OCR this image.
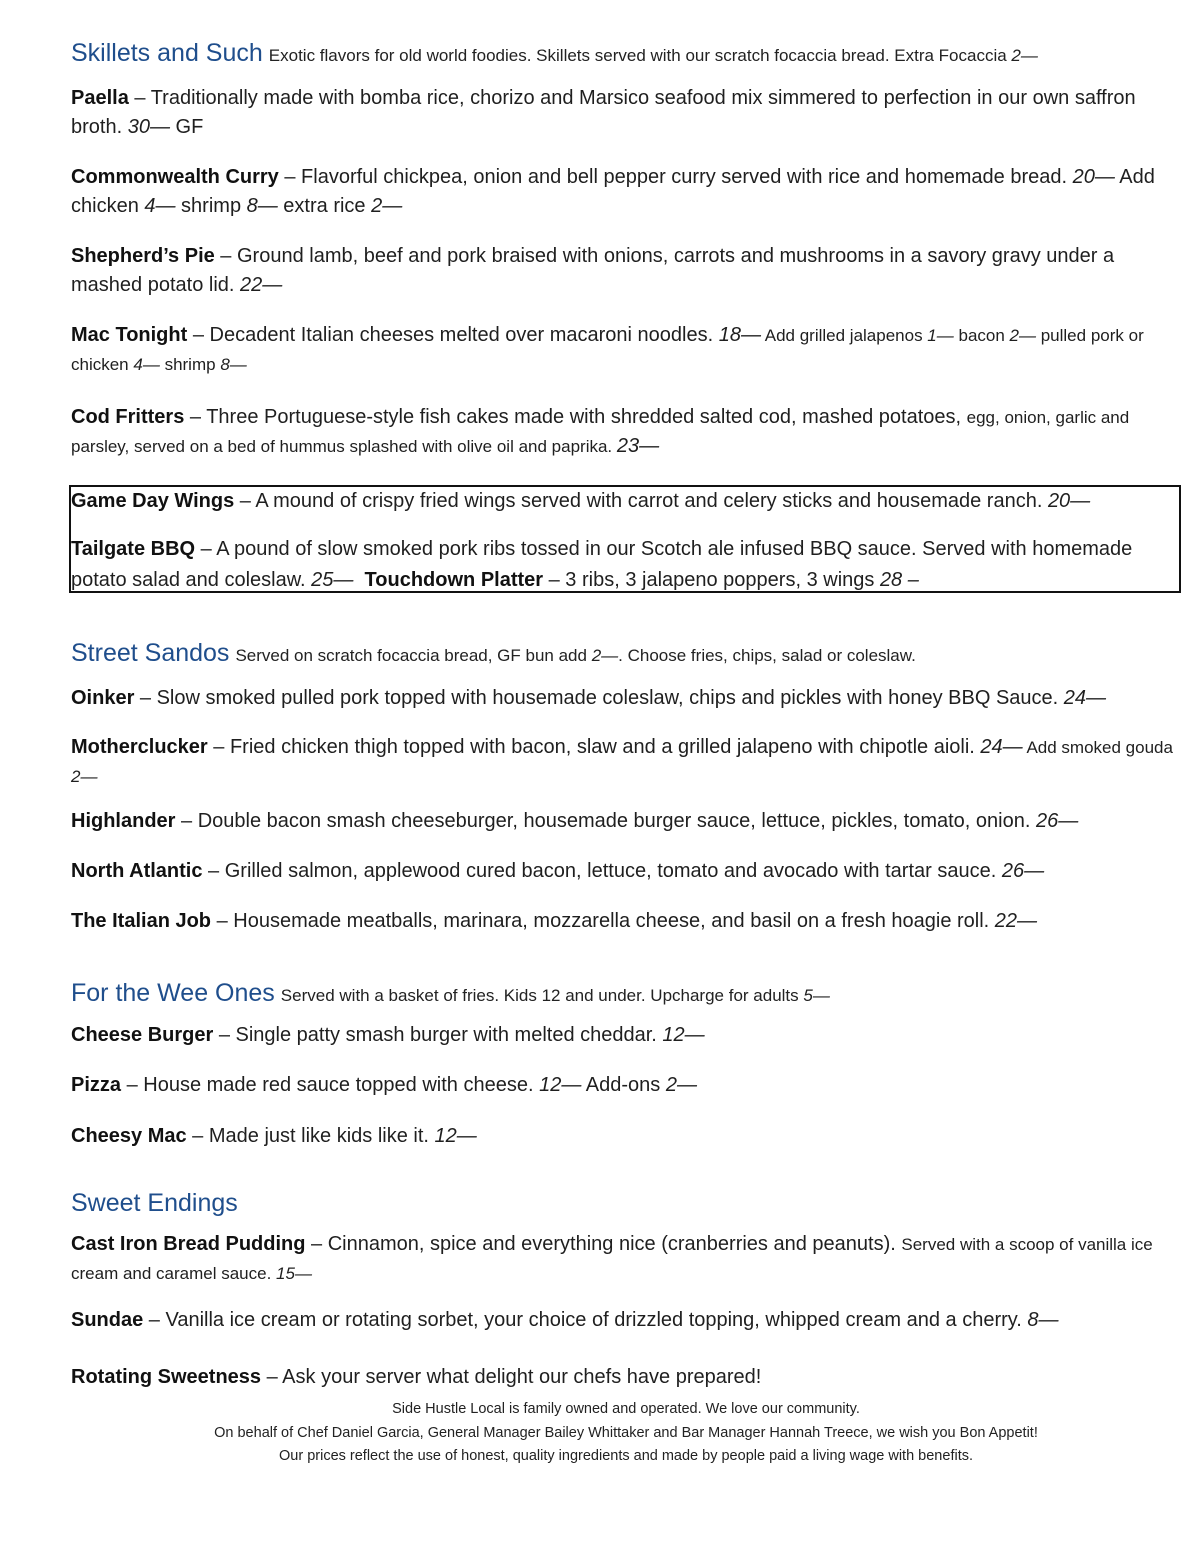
Skillets and Such Exotic flavors for old world foodies. Skillets served with our scratch focaccia bread. Extra Focaccia 2—

Paella – Traditionally made with bomba rice, chorizo and Marsico seafood mix simmered to perfection in our own saffron broth. 30— GF

Commonwealth Curry – Flavorful chickpea, onion and bell pepper curry served with rice and homemade bread. 20— Add chicken 4— shrimp 8— extra rice 2—

Shepherd’s Pie – Ground lamb, beef and pork braised with onions, carrots and mushrooms in a savory gravy under a mashed potato lid. 22—

Mac Tonight – Decadent Italian cheeses melted over macaroni noodles. 18— Add grilled jalapenos 1— bacon 2— pulled pork or chicken 4— shrimp 8—

Cod Fritters – Three Portuguese-style fish cakes made with shredded salted cod, mashed potatoes, egg, onion, garlic and parsley, served on a bed of hummus splashed with olive oil and paprika. 23—

Game Day Wings – A mound of crispy fried wings served with carrot and celery sticks and housemade ranch. 20—

Tailgate BBQ – A pound of slow smoked pork ribs tossed in our Scotch ale infused BBQ sauce. Served with homemade potato salad and coleslaw. 25— Touchdown Platter – 3 ribs, 3 jalapeno poppers, 3 wings 28 –

Street Sandos Served on scratch focaccia bread, GF bun add 2—. Choose fries, chips, salad or coleslaw.

Oinker – Slow smoked pulled pork topped with housemade coleslaw, chips and pickles with honey BBQ Sauce. 24—

Motherclucker – Fried chicken thigh topped with bacon, slaw and a grilled jalapeno with chipotle aioli. 24— Add smoked gouda 2—

Highlander – Double bacon smash cheeseburger, housemade burger sauce, lettuce, pickles, tomato, onion. 26—

North Atlantic – Grilled salmon, applewood cured bacon, lettuce, tomato and avocado with tartar sauce. 26—

The Italian Job – Housemade meatballs, marinara, mozzarella cheese, and basil on a fresh hoagie roll. 22—

For the Wee Ones Served with a basket of fries. Kids 12 and under. Upcharge for adults 5—

Cheese Burger – Single patty smash burger with melted cheddar. 12—

Pizza – House made red sauce topped with cheese. 12— Add-ons 2—

Cheesy Mac – Made just like kids like it. 12—

Sweet Endings

Cast Iron Bread Pudding – Cinnamon, spice and everything nice (cranberries and peanuts). Served with a scoop of vanilla ice cream and caramel sauce. 15—

Sundae – Vanilla ice cream or rotating sorbet, your choice of drizzled topping, whipped cream and a cherry. 8—

Rotating Sweetness – Ask your server what delight our chefs have prepared!

Side Hustle Local is family owned and operated. We love our community.
On behalf of Chef Daniel Garcia, General Manager Bailey Whittaker and Bar Manager Hannah Treece, we wish you Bon Appetit!
Our prices reflect the use of honest, quality ingredients and made by people paid a living wage with benefits.
